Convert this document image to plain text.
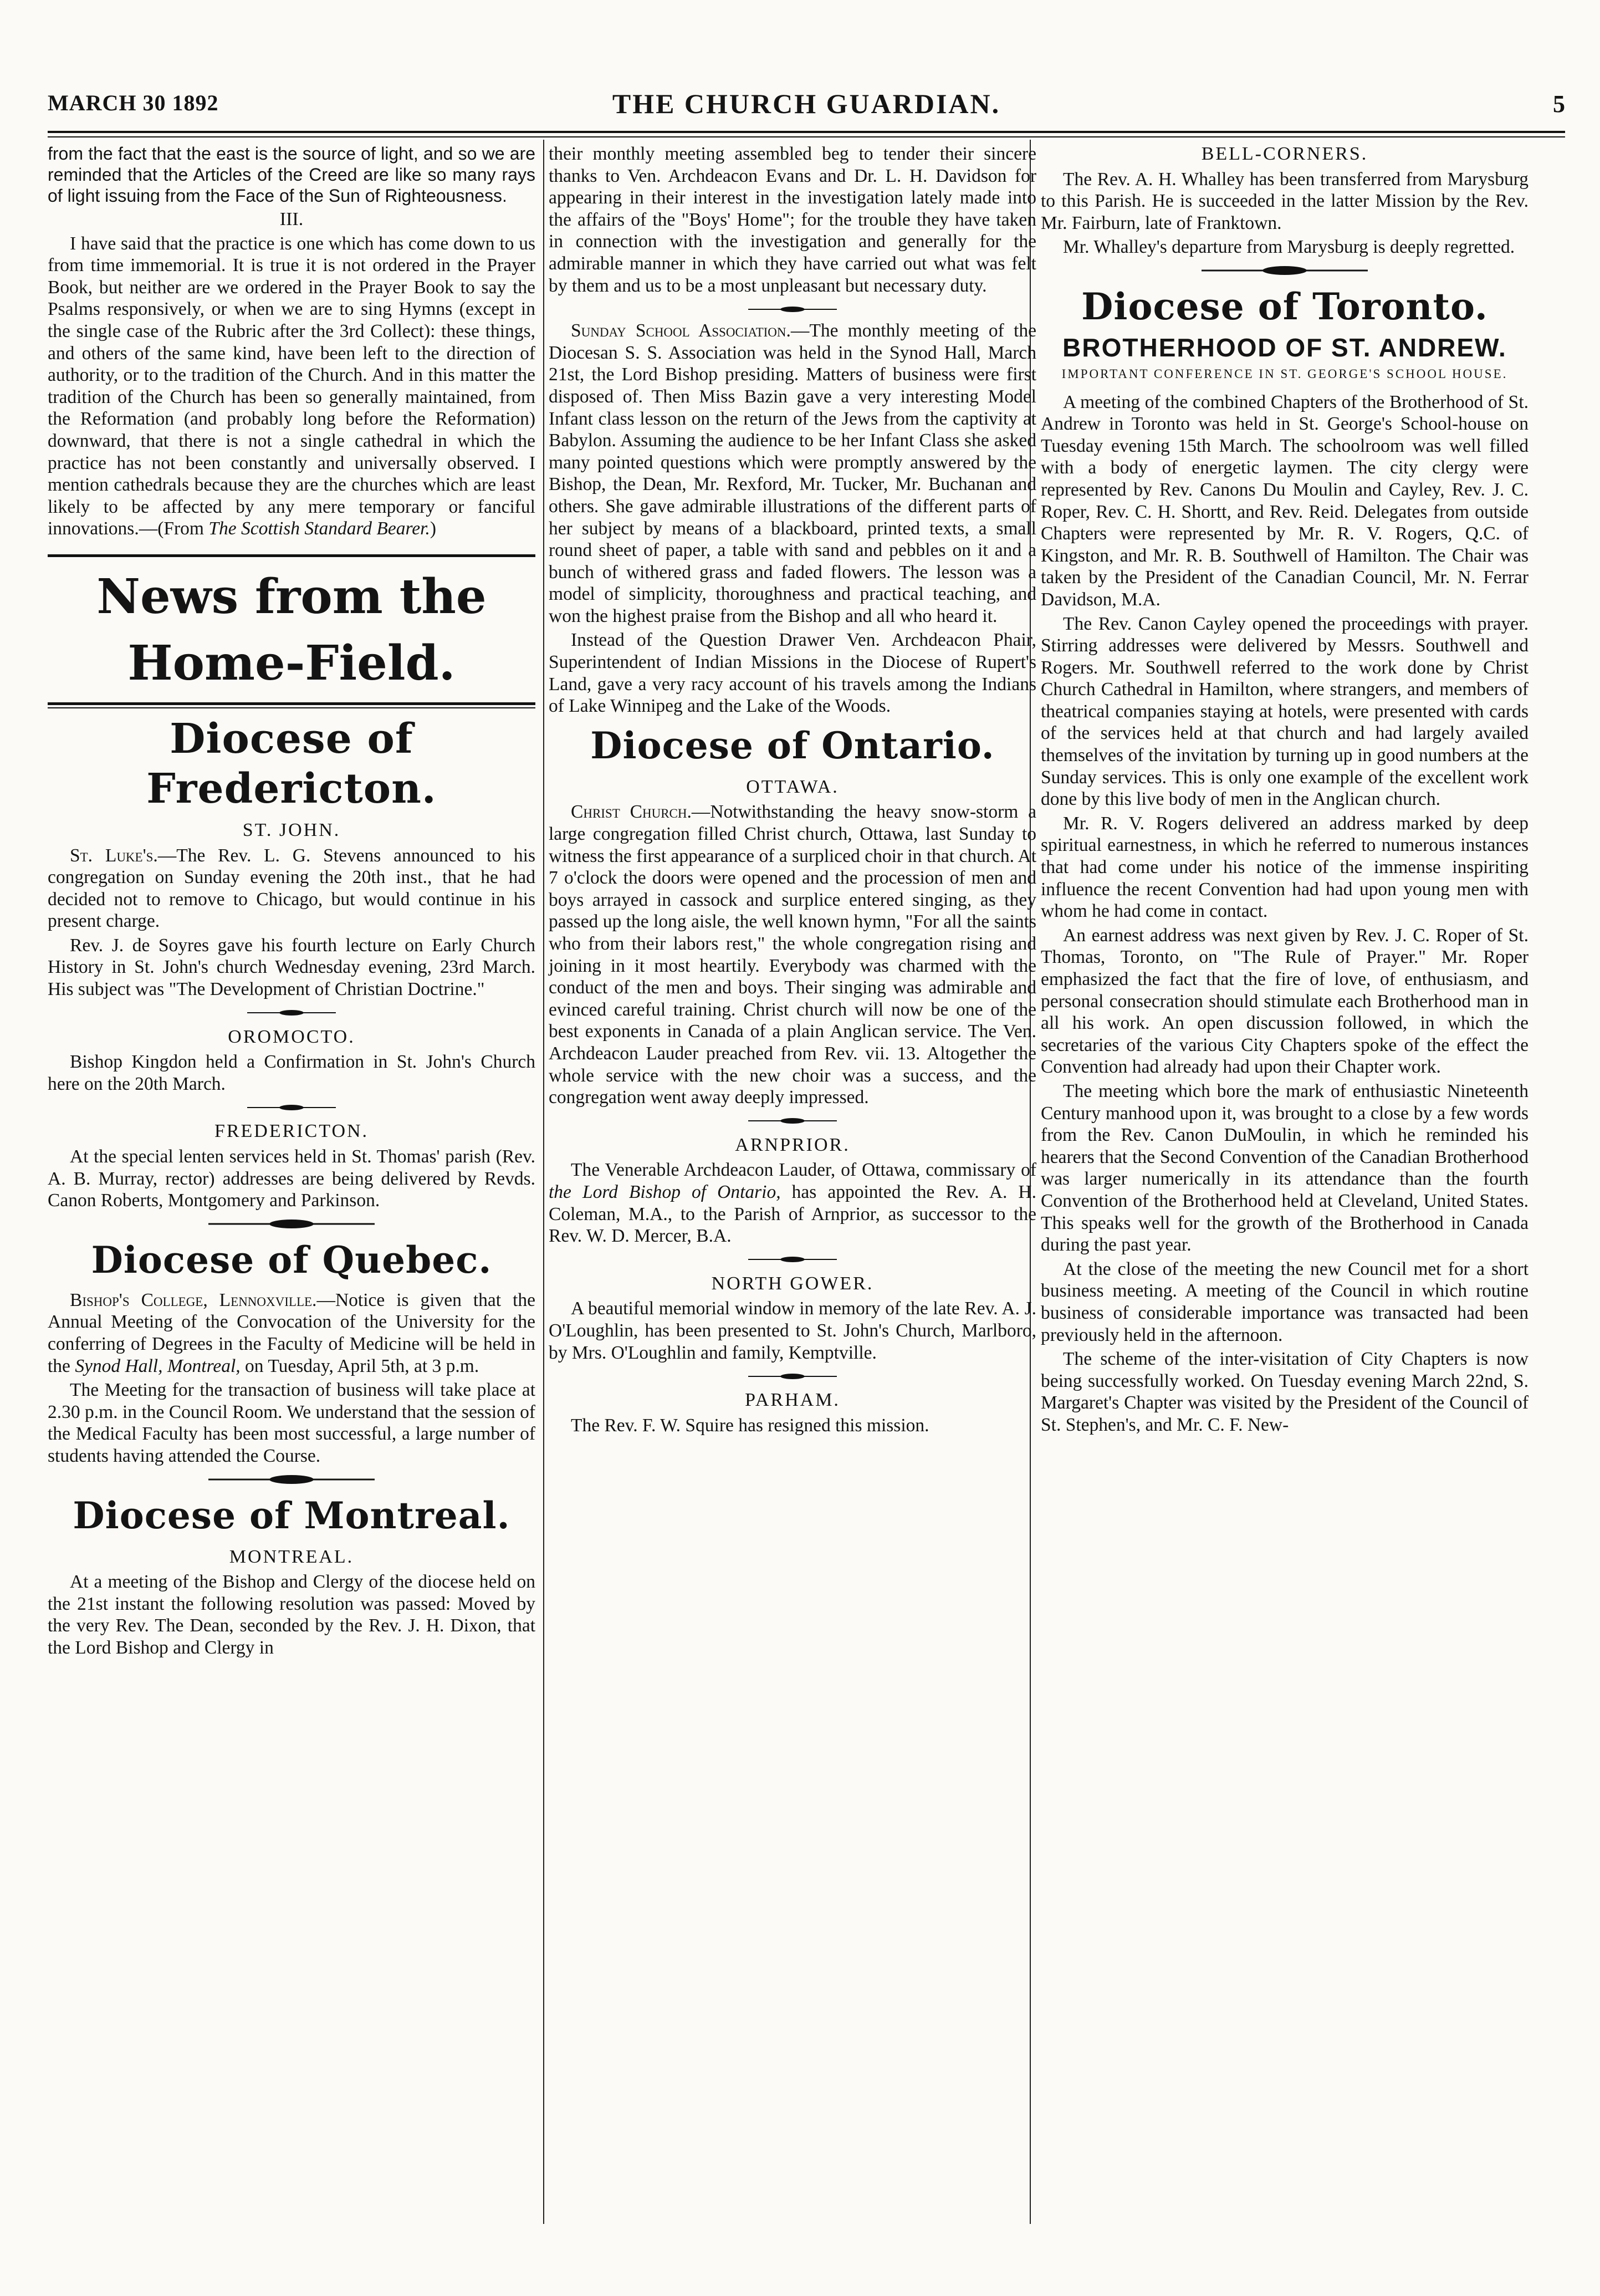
MARCH 30 1892	THE CHURCH GUARDIAN.	5

from the fact that the east is the source of light, and so we are reminded that the Articles of the Creed are like so many rays of light issuing from the Face of the Sun of Righteousness.

III.

I have said that the practice is one which has come down to us from time immemorial. It is true it is not ordered in the Prayer Book, but neither are we ordered in the Prayer Book to say the Psalms responsively, or when we are to sing Hymns (except in the single case of the Rubric after the 3rd Collect): these things, and others of the same kind, have been left to the direction of authority, or to the tradition of the Church. And in this matter the tradition of the Church has been so generally maintained, from the Reformation (and probably long before the Reformation) downward, that there is not a single cathedral in which the practice has not been constantly and universally observed. I mention cathedrals because they are the churches which are least likely to be affected by any mere temporary or fanciful innovations.—(From The Scottish Standard Bearer.)

News from the Home-Field.
Diocese of Fredericton.
ST. JOHN.

St. Luke's.—The Rev. L. G. Stevens announced to his congregation on Sunday evening the 20th inst., that he had decided not to remove to Chicago, but would continue in his present charge.

Rev. J. de Soyres gave his fourth lecture on Early Church History in St. John's church Wednesday evening, 23rd March. His subject was "The Development of Christian Doctrine."

OROMOCTO.

Bishop Kingdon held a Confirmation in St. John's Church here on the 20th March.

FREDERICTON.

At the special lenten services held in St. Thomas' parish (Rev. A. B. Murray, rector) addresses are being delivered by Revds. Canon Roberts, Montgomery and Parkinson.

Diocese of Quebec.

Bishop's College, Lennoxville.—Notice is given that the Annual Meeting of the Convocation of the University for the conferring of Degrees in the Faculty of Medicine will be held in the Synod Hall, Montreal, on Tuesday, April 5th, at 3 p.m.

The Meeting for the transaction of business will take place at 2.30 p.m. in the Council Room. We understand that the session of the Medical Faculty has been most successful, a large number of students having attended the Course.

Diocese of Montreal.
MONTREAL.

At a meeting of the Bishop and Clergy of the diocese held on the 21st instant the following resolution was passed: Moved by the very Rev. The Dean, seconded by the Rev. J. H. Dixon, that the Lord Bishop and Clergy in

their monthly meeting assembled beg to tender their sincere thanks to Ven. Archdeacon Evans and Dr. L. H. Davidson for appearing in their interest in the investigation lately made into the affairs of the "Boys' Home"; for the trouble they have taken in connection with the investigation and generally for the admirable manner in which they have carried out what was felt by them and us to be a most unpleasant but necessary duty.

Sunday School Association.—The monthly meeting of the Diocesan S. S. Association was held in the Synod Hall, March 21st, the Lord Bishop presiding. Matters of business were first disposed of. Then Miss Bazin gave a very interesting Model Infant class lesson on the return of the Jews from the captivity at Babylon. Assuming the audience to be her Infant Class she asked many pointed questions which were promptly answered by the Bishop, the Dean, Mr. Rexford, Mr. Tucker, Mr. Buchanan and others. She gave admirable illustrations of the different parts of her subject by means of a blackboard, printed texts, a small round sheet of paper, a table with sand and pebbles on it and a bunch of withered grass and faded flowers. The lesson was a model of simplicity, thoroughness and practical teaching, and won the highest praise from the Bishop and all who heard it.

Instead of the Question Drawer Ven. Archdeacon Phair, Superintendent of Indian Missions in the Diocese of Rupert's Land, gave a very racy account of his travels among the Indians of Lake Winnipeg and the Lake of the Woods.

Diocese of Ontario.
OTTAWA.

Christ Church.—Notwithstanding the heavy snow-storm a large congregation filled Christ church, Ottawa, last Sunday to witness the first appearance of a surpliced choir in that church. At 7 o'clock the doors were opened and the procession of men and boys arrayed in cassock and surplice entered singing, as they passed up the long aisle, the well known hymn, "For all the saints who from their labors rest," the whole congregation rising and joining in it most heartily. Everybody was charmed with the conduct of the men and boys. Their singing was admirable and evinced careful training. Christ church will now be one of the best exponents in Canada of a plain Anglican service. The Ven. Archdeacon Lauder preached from Rev. vii. 13. Altogether the whole service with the new choir was a success, and the congregation went away deeply impressed.

ARNPRIOR.

The Venerable Archdeacon Lauder, of Ottawa, commissary of the Lord Bishop of Ontario, has appointed the Rev. A. H. Coleman, M.A., to the Parish of Arnprior, as successor to the Rev. W. D. Mercer, B.A.

NORTH GOWER.

A beautiful memorial window in memory of the late Rev. A. J. O'Loughlin, has been presented to St. John's Church, Marlboro, by Mrs. O'Loughlin and family, Kemptville.

PARHAM.

The Rev. F. W. Squire has resigned this mission.

BELL-CORNERS.

The Rev. A. H. Whalley has been transferred from Marysburg to this Parish. He is succeeded in the latter Mission by the Rev. Mr. Fairburn, late of Franktown.

Mr. Whalley's departure from Marysburg is deeply regretted.

Diocese of Toronto.
BROTHERHOOD OF ST. ANDREW.
IMPORTANT CONFERENCE IN ST. GEORGE'S SCHOOL HOUSE.

A meeting of the combined Chapters of the Brotherhood of St. Andrew in Toronto was held in St. George's School-house on Tuesday evening 15th March. The schoolroom was well filled with a body of energetic laymen. The city clergy were represented by Rev. Canons Du Moulin and Cayley, Rev. J. C. Roper, Rev. C. H. Shortt, and Rev. Reid. Delegates from outside Chapters were represented by Mr. R. V. Rogers, Q.C. of Kingston, and Mr. R. B. Southwell of Hamilton. The Chair was taken by the President of the Canadian Council, Mr. N. Ferrar Davidson, M.A.

The Rev. Canon Cayley opened the proceedings with prayer. Stirring addresses were delivered by Messrs. Southwell and Rogers. Mr. Southwell referred to the work done by Christ Church Cathedral in Hamilton, where strangers, and members of theatrical companies staying at hotels, were presented with cards of the services held at that church and had largely availed themselves of the invitation by turning up in good numbers at the Sunday services. This is only one example of the excellent work done by this live body of men in the Anglican church.

Mr. R. V. Rogers delivered an address marked by deep spiritual earnestness, in which he referred to numerous instances that had come under his notice of the immense inspiriting influence the recent Convention had had upon young men with whom he had come in contact.

An earnest address was next given by Rev. J. C. Roper of St. Thomas, Toronto, on "The Rule of Prayer." Mr. Roper emphasized the fact that the fire of love, of enthusiasm, and personal consecration should stimulate each Brotherhood man in all his work. An open discussion followed, in which the secretaries of the various City Chapters spoke of the effect the Convention had already had upon their Chapter work.

The meeting which bore the mark of enthusiastic Nineteenth Century manhood upon it, was brought to a close by a few words from the Rev. Canon DuMoulin, in which he reminded his hearers that the Second Convention of the Canadian Brotherhood was larger numerically in its attendance than the fourth Convention of the Brotherhood held at Cleveland, United States. This speaks well for the growth of the Brotherhood in Canada during the past year.

At the close of the meeting the new Council met for a short business meeting. A meeting of the Council in which routine business of considerable importance was transacted had been previously held in the afternoon.

The scheme of the inter-visitation of City Chapters is now being successfully worked. On Tuesday evening March 22nd, S. Margaret's Chapter was visited by the President of the Council of St. Stephen's, and Mr. C. F. New-
